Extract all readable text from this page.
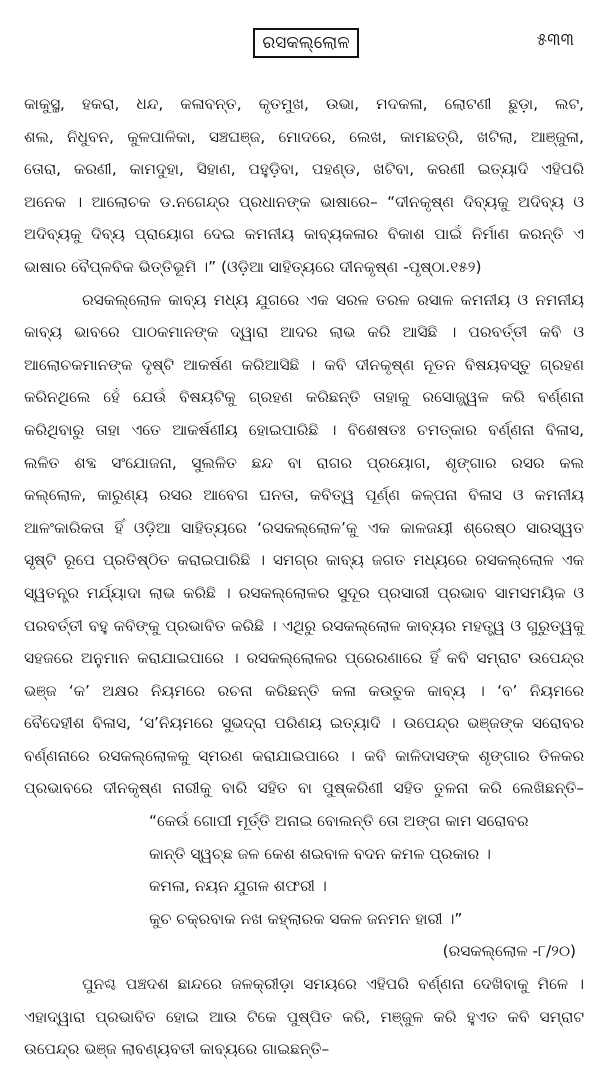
ରସକଲ୍ଲୋଳ	୫୩୩
କାକୁସ୍ଥ, ହକରା, ଧନ୍ଦ, କଳାବନ୍ତ, କୃତମୁଖ, ଉଭା, ମଦକଳା, ଲୋଟଣୀ ଛୁଡ଼ା, ଲଟ,
ଶଲ, ନିଧୁବନ, କୁଳପାଳିକା, ସଞ୍ଚଘଞ୍ଜ, ମୋଦରେ, ଲେଖ, କାମଛତ୍ରି, ଖଟିଲା, ଆଞ୍ଜୁଳା,
ତୋରା, କରଣୀ, କାମଦୁହା, ସିହାଣ, ପହୁଡ଼ିବା, ପହଣ୍ଡ, ଖଟିବା, କରଣୀ ଇତ୍ୟାଦି ଏହିପରି
ଅନେକ । ଆଲୋଚକ ଡ.ନଗେନ୍ଦ୍ର ପ୍ରଧାନଙ୍କ ଭାଷାରେ– “ଦୀନକୃଷ୍ଣ ଦିବ୍ୟକୁ ଅଦିବ୍ୟ ଓ
ଅଦିବ୍ୟକୁ ଦିବ୍ୟ ପ୍ରାୟୋଗ ଦେଇ କମନୀୟ କାବ୍ୟକଳାର ବିକାଶ ପାଇଁ ନିର୍ମାଣ କରନ୍ତି ଏ
ଭାଷାର ବୈପ୍ଳବିକ ଭିତ୍ତିଭୂମି ।” (ଓଡ଼ିଆ ସାହିତ୍ୟରେ ଦୀନକୃଷ୍ଣ -ପୃଷ୍ଠା.୧୫୨)
ରସକଲ୍ଲୋଳ କାବ୍ୟ ମଧ୍ୟ ଯୁଗରେ ଏକ ସରଳ ତରଳ ରସାଳ କମନୀୟ ଓ ନମନୀୟ
କାବ୍ୟ ଭାବରେ ପାଠକମାନଙ୍କ ଦ୍ୱାରା ଆଦର ଲାଭ କରି ଆସିଛି । ପରବର୍ତ୍ତୀ କବି ଓ
ଆଲୋଚକମାନଙ୍କ ଦୃଷ୍ଟି ଆକର୍ଷଣ କରିଆସିଛି । କବି ଦୀନକୃଷ୍ଣ ନୂତନ ବିଷୟବସ୍ତୁ ଗ୍ରହଣ
କରିନଥିଲେ ହେଁ ଯେଉଁ ବିଷୟଟିକୁ ଗ୍ରହଣ କରିଛନ୍ତି ତାହାକୁ ରସୋଜ୍ଜ୍ୱଳ କରି ବର୍ଣ୍ଣନା
କରିଥିବାରୁ ତାହା ଏତେ ଆକର୍ଷଣୀୟ ହୋଇପାରିଛି । ବିଶେଷତଃ ଚମତ୍କାର ବର୍ଣ୍ଣନା ବିଳାସ,
ଲଳିତ ଶବ୍ଦ ସଂଯୋଜନା, ସୁଲଳିତ ଛନ୍ଦ ବା ରାଗର ପ୍ରୟୋଗ, ଶୃଙ୍ଗାର ରସର କଲ
କଲ୍ଲୋଳ, କାରୁଣ୍ୟ ରସର ଆବେଗ ଘନତା, କବିତ୍ୱ ପୂର୍ଣ୍ଣ କଳ୍ପନା ବିଳାସ ଓ କମନୀୟ
ଆଳଂକାରିକତା ହିଁ ଓଡ଼ିଆ ସାହିତ୍ୟରେ ‘ରସକଲ୍ଲୋଳ’କୁ ଏକ କାଳଜୟୀ ଶ୍ରେଷ୍ଠ ସାରସ୍ୱତ
ସୃଷ୍ଟି ରୂପେ ପ୍ରତିଷ୍ଠିତ କରାଇପାରିଛି । ସମଗ୍ର କାବ୍ୟ ଜଗତ ମଧ୍ୟରେ ରସକଲ୍ଲୋଳ ଏକ
ସ୍ୱତନ୍ତ୍ର ମର୍ଯ୍ୟାଦା ଲାଭ କରିଛି । ରସକଲ୍ଲୋଳର ସୁଦୂର ପ୍ରସାରୀ ପ୍ରଭାବ ସାମସମୟିକ ଓ
ପରବର୍ତ୍ତୀ ବହୁ କବିଙ୍କୁ ପ୍ରଭାବିତ କରିଛି । ଏଥିରୁ ରସକଲ୍ଲୋଳ କାବ୍ୟର ମହତ୍ତ୍ୱ ଓ ଗୁରୁତ୍ୱକୁ
ସହଜରେ ଅନୁମାନ କରାଯାଇପାରେ । ରସକଲ୍ଲୋଳର ପ୍ରେରଣାରେ ହିଁ କବି ସମ୍ରାଟ ଉପେନ୍ଦ୍ର
ଭଞ୍ଜ ‘କ’ ଅକ୍ଷର ନିୟମରେ ରଚନା କରିଛନ୍ତି କଳା କଉତୁକ କାବ୍ୟ । ‘ବ’ ନିୟମରେ
ବୈଦେହୀଶ ବିଳାସ, ‘ସ’ନିୟମରେ ସୁଭଦ୍ରା ପରିଣୟ ଇତ୍ୟାଦି । ଉପେନ୍ଦ୍ର ଭଞ୍ଜଙ୍କ ସରୋବର
ବର୍ଣ୍ଣନାରେ ରସକଲ୍ଲୋଳକୁ ସ୍ମରଣ କରାଯାଇପାରେ । କବି କାଳିଦାସଙ୍କ ଶୃଙ୍ଗାର ତିଳକର
ପ୍ରଭାବରେ ଦୀନକୃଷ୍ଣ ନାରୀକୁ ବାରି ସହିତ ବା ପୁଷ୍କରିଣୀ ସହିତ ତୁଳନା କରି ଲେଖିଛନ୍ତି–
“କେଉଁ ଗୋପୀ ମୂର୍ତ୍ତି ଅନାଇ ବୋଲନ୍ତି ତୋ ଅଙ୍ଗ କାମ ସରୋବର
କାନ୍ତି ସ୍ୱଚ୍ଛ ଜଳ କେଶ ଶଇବାଳ ବଦନ କମଳ ପ୍ରକାର ।
କମଳା, ନୟନ ଯୁଗଳ ଶଫରୀ ।
କୁଚ ଚକ୍ରବାକ ନଖ କହ୍ଲାରକ ସକଳ ଜନମନ ହାରୀ ।”
(ରସକଲ୍ଲୋଳ -୮/୨୦)
ପୁନଶ୍ଚ ପଞ୍ଚଦଶ ଛାନ୍ଦରେ ଜଳକ୍ରୀଡ଼ା ସମୟରେ ଏହିପରି ବର୍ଣ୍ଣନା ଦେଖିବାକୁ ମିଳେ ।
ଏହାଦ୍ୱାରା ପ୍ରଭାବିତ ହୋଇ ଆଉ ଟିକେ ପୁଷ୍ପିତ କରି, ମଞ୍ଜୁଳ କରି ହୁଏତ କବି ସମ୍ରାଟ
ଉପେନ୍ଦ୍ର ଭଞ୍ଜ ଲାବଣ୍ୟବତୀ କାବ୍ୟରେ ଗାଇଛନ୍ତି–
